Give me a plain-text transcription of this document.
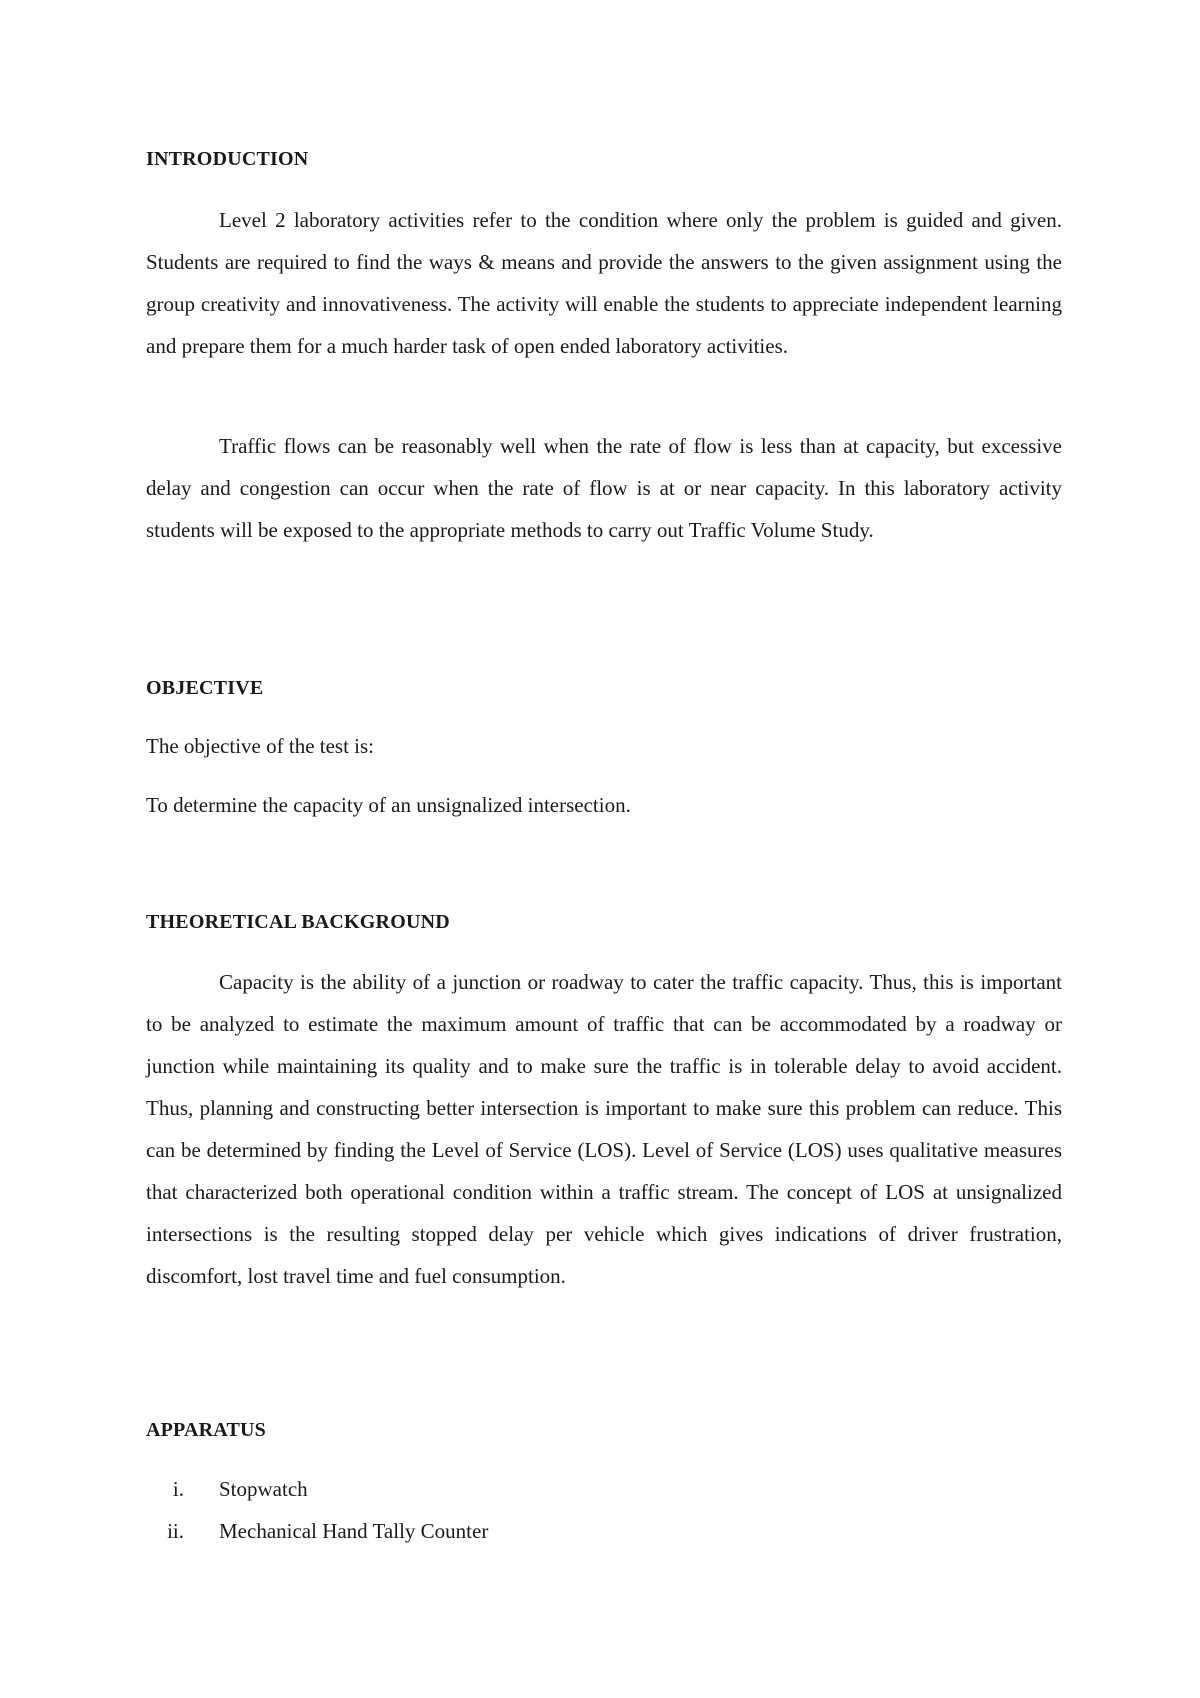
INTRODUCTION

Level 2 laboratory activities refer to the condition where only the problem is guided and given. Students are required to find the ways & means and provide the answers to the given assignment using the group creativity and innovativeness. The activity will enable the students to appreciate independent learning and prepare them for a much harder task of open ended laboratory activities.

Traffic flows can be reasonably well when the rate of flow is less than at capacity, but excessive delay and congestion can occur when the rate of flow is at or near capacity. In this laboratory activity students will be exposed to the appropriate methods to carry out Traffic Volume Study.

OBJECTIVE

The objective of the test is:

To determine the capacity of an unsignalized intersection.

THEORETICAL BACKGROUND

Capacity is the ability of a junction or roadway to cater the traffic capacity. Thus, this is important to be analyzed to estimate the maximum amount of traffic that can be accommodated by a roadway or junction while maintaining its quality and to make sure the traffic is in tolerable delay to avoid accident. Thus, planning and constructing better intersection is important to make sure this problem can reduce. This can be determined by finding the Level of Service (LOS). Level of Service (LOS) uses qualitative measures that characterized both operational condition within a traffic stream. The concept of LOS at unsignalized intersections is the resulting stopped delay per vehicle which gives indications of driver frustration, discomfort, lost travel time and fuel consumption.

APPARATUS
i. Stopwatch
ii. Mechanical Hand Tally Counter
